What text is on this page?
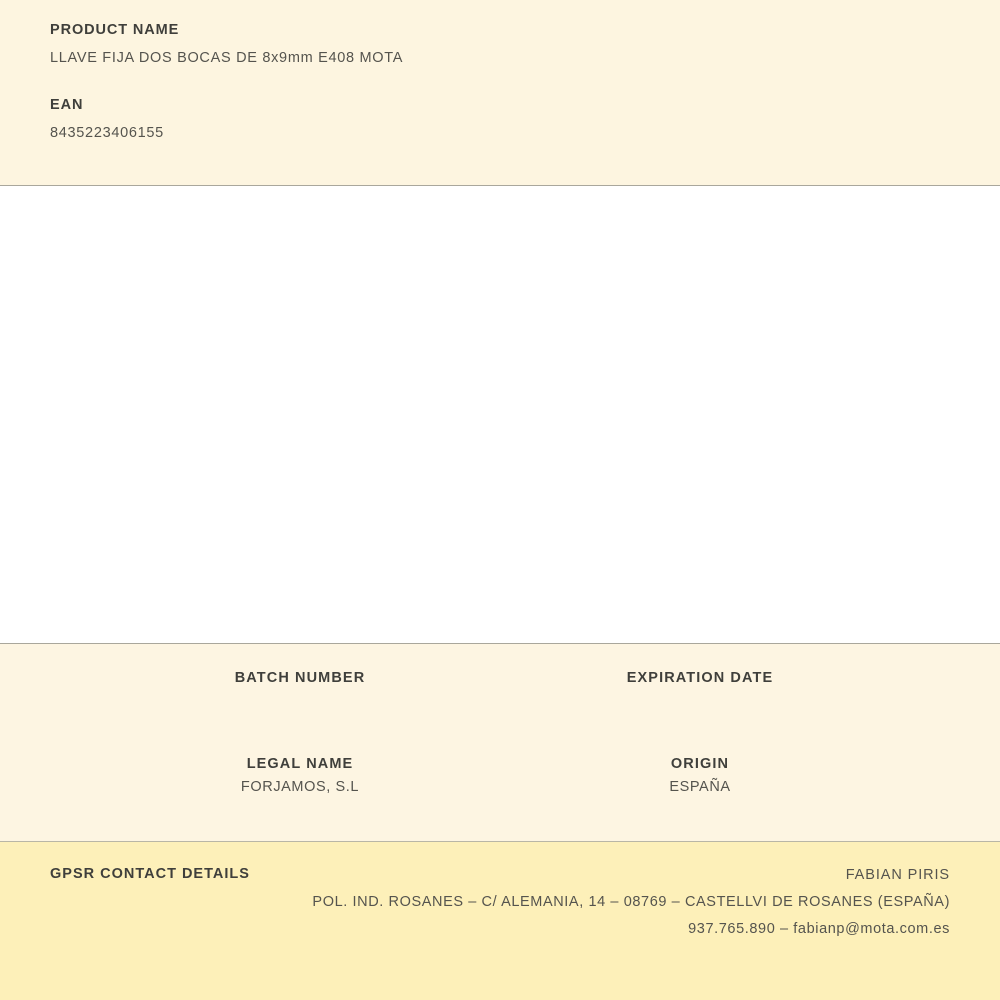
PRODUCT NAME

LLAVE FIJA DOS BOCAS DE 8x9mm E408 MOTA

EAN

8435223406155

BATCH NUMBER	EXPIRATION DATE

LEGAL NAME

FORJAMOS, S.L

ORIGIN

ESPAÑA

GPSR CONTACT DETAILS	FABIAN PIRIS
POL. IND. ROSANES – C/ ALEMANIA, 14 – 08769 – CASTELLVI DE ROSANES (ESPAÑA)
937.765.890 – fabianp@mota.com.es
